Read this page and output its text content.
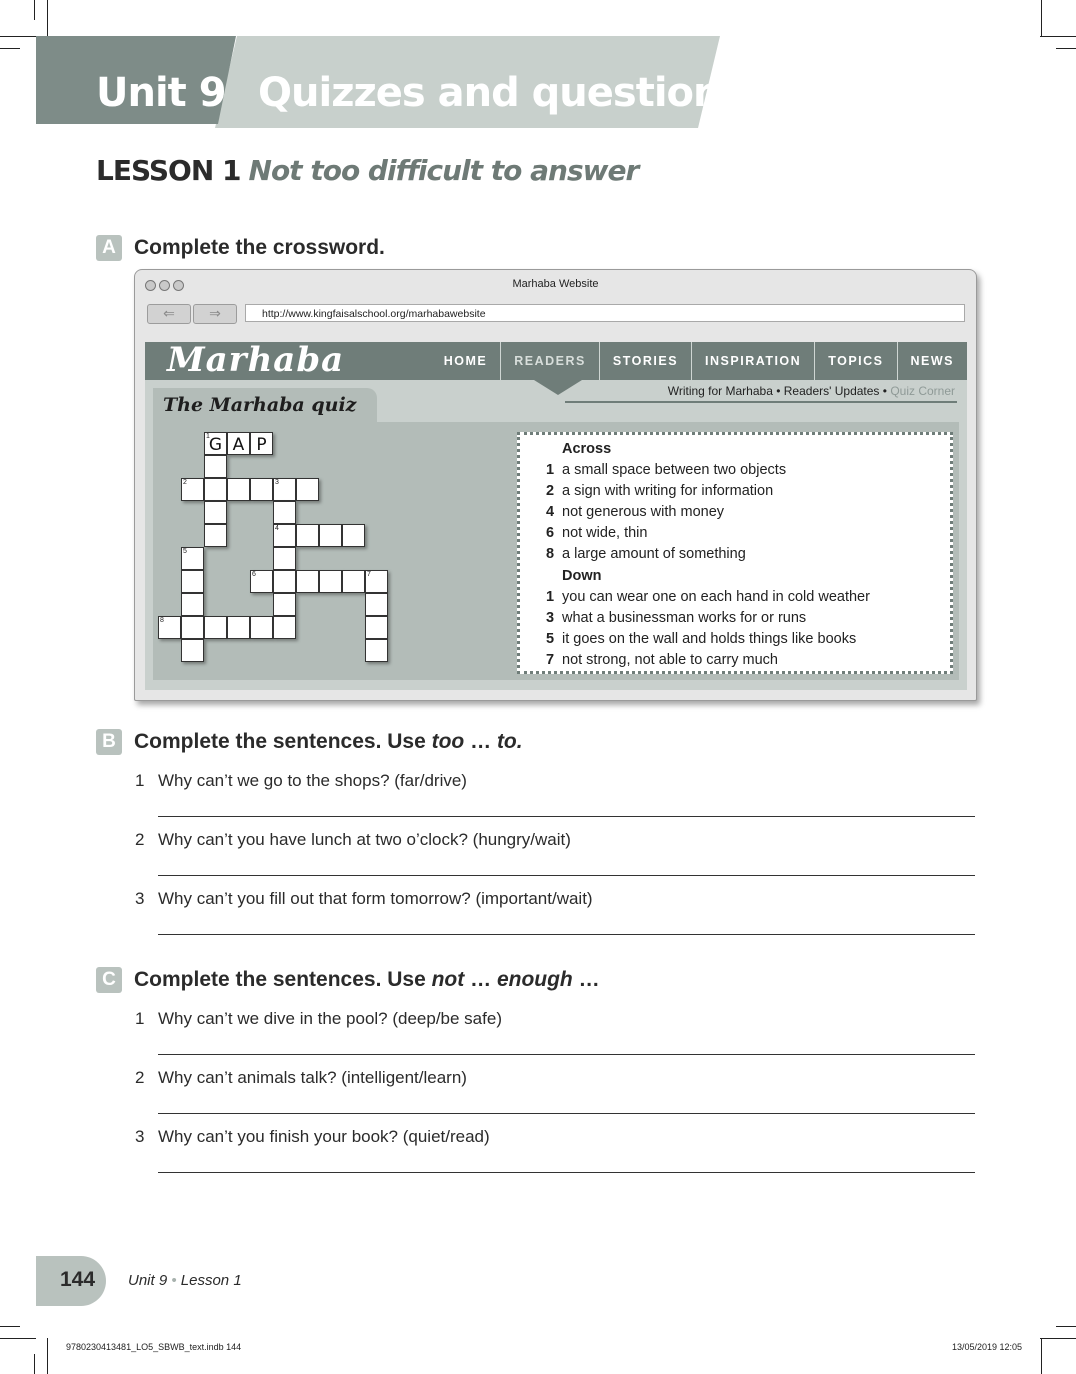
Unit 9 Quizzes and questions
LESSON 1 Not too difficult to answer
A Complete the crossword.
Marhaba Website
⇐	⇒	http://www.kingfaisalschool.org/marhabawebsite
Marhaba	HOME	READERS	STORIES	INSPIRATION	TOPICS	NEWS
Writing for Marhaba • Readers' Updates • Quiz Corner
The Marhaba quiz
1 G A P
2	3
4
5
6	7
8
Across
1 a small space between two objects
2 a sign with writing for information
4 not generous with money
6 not wide, thin
8 a large amount of something
Down
1 you can wear one on each hand in cold weather
3 what a businessman works for or runs
5 it goes on the wall and holds things like books
7 not strong, not able to carry much
B Complete the sentences. Use too … to.
1 Why can’t we go to the shops? (far/drive)
2 Why can’t you have lunch at two o’clock? (hungry/wait)
3 Why can’t you fill out that form tomorrow? (important/wait)
C Complete the sentences. Use not … enough …
1 Why can’t we dive in the pool? (deep/be safe)
2 Why can’t animals talk? (intelligent/learn)
3 Why can’t you finish your book? (quiet/read)
144 Unit 9 • Lesson 1
9780230413481_LO5_SBWB_text.indb 144	13/05/2019 12:05
